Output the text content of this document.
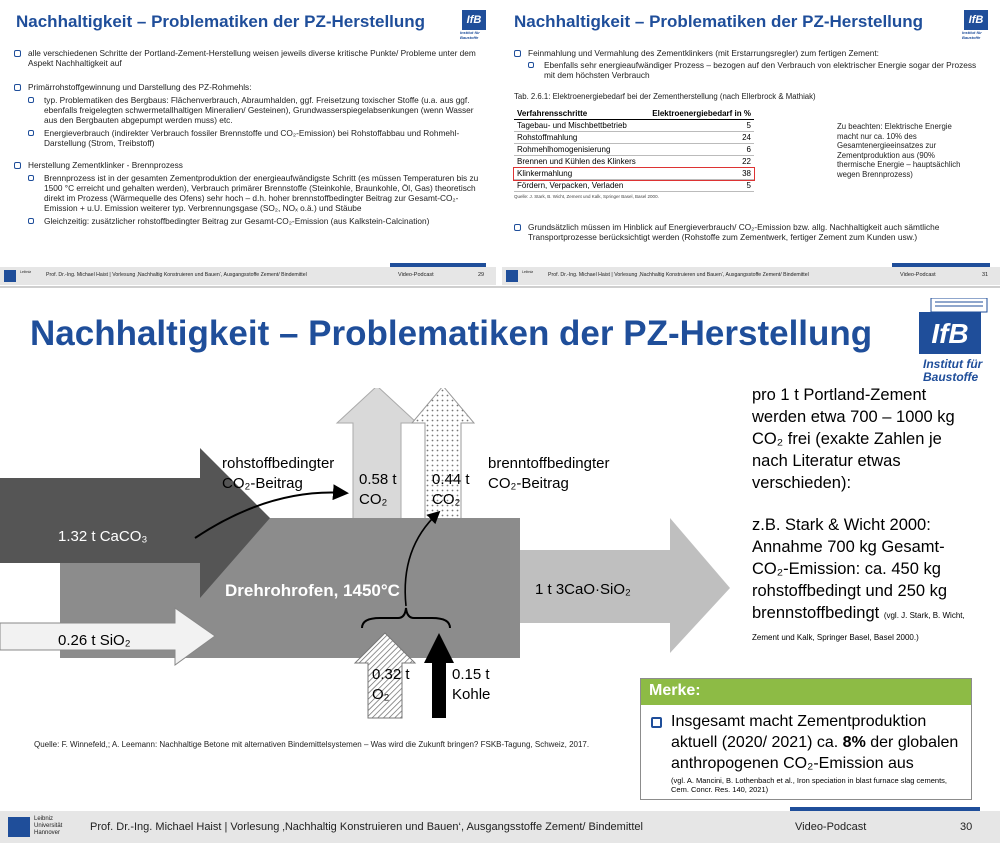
Nachhaltigkeit – Problematiken der PZ-Herstellung	IfB
Institut für
Baustoffe
alle verschiedenen Schritte der Portland-Zement-Herstellung weisen jeweils diverse kritische Punkte/ Probleme unter dem Aspekt Nachhaltigkeit auf
Primärrohstoffgewinnung und Darstellung des PZ-Rohmehls:
typ. Problematiken des Bergbaus: Flächenverbrauch, Abraumhalden, ggf. Freisetzung toxischer Stoffe (u.a. aus ggf. ebenfalls freigelegten schwermetallhaltigen Mineralien/ Gesteinen), Grundwasserspiegelabsenkungen (wenn Wasser aus den Bergbauten abgepumpt werden muss) etc.
Energieverbrauch (indirekter Verbrauch fossiler Brennstoffe und CO₂-Emission) bei Rohstoffabbau und Rohmehl-Darstellung (Strom, Treibstoff)
Herstellung Zementklinker - Brennprozess
Brennprozess ist in der gesamten Zementproduktion der energieaufwändigste Schritt (es müssen Temperaturen bis zu 1500 °C erreicht und gehalten werden), Verbrauch primärer Brennstoffe (Steinkohle, Braunkohle, Öl, Gas) theoretisch direkt im Prozess (Wärmequelle des Ofens) sehr hoch – d.h. hoher brennstoffbedingter Beitrag zur Gesamt-CO₂-Emission + u.U. Emission weiterer typ. Verbrennungsgase (SO₂, NOₓ o.ä.) und Stäube
Gleichzeitig: zusätzlicher rohstoffbedingter Beitrag zur Gesamt-CO₂-Emission (aus Kalkstein-Calcination)
Leibniz	Prof. Dr.-Ing. Michael Haist | Vorlesung ‚Nachhaltig Konstruieren und Bauen‘, Ausgangsstoffe Zement/ Bindemittel	Video-Podcast	29
Nachhaltigkeit – Problematiken der PZ-Herstellung	IfB
Institut für
Baustoffe
Feinmahlung und Vermahlung des Zementklinkers (mit Erstarrungsregler) zum fertigen Zement:
Ebenfalls sehr energieaufwändiger Prozess – bezogen auf den Verbrauch von elektrischer Energie sogar der Prozess mit dem höchsten Verbrauch
Tab. 2.6.1: Elektroenergiebedarf bei der Zementherstellung (nach Ellerbrock & Mathiak)
Verfahrensschritte	Elektroenergiebedarf in %
Tagebau- und Mischbettbetrieb	5
Rohstoffmahlung	24
Rohmehlhomogenisierung	6
Brennen und Kühlen des Klinkers	22
Klinkermahlung	38
Fördern, Verpacken, Verladen	5
Quelle: J. Stark, B. Wicht, Zement und Kalk, Springer Basel, Basel 2000.
Zu beachten: Elektrische Energie macht nur ca. 10% des Gesamtenergieeinsatzes zur Zementproduktion aus (90% thermische Energie – hauptsächlich wegen Brennprozess)
Grundsätzlich müssen im Hinblick auf Energieverbrauch/ CO₂-Emission bzw. allg. Nachhaltigkeit auch sämtliche Transportprozesse berücksichtigt werden (Rohstoffe zum Zementwerk, fertiger Zement zum Kunden usw.)
Leibniz	Prof. Dr.-Ing. Michael Haist | Vorlesung ‚Nachhaltig Konstruieren und Bauen‘, Ausgangsstoffe Zement/ Bindemittel	Video-Podcast	31
Nachhaltigkeit – Problematiken der PZ-Herstellung	IfB
Institut für
Baustoffe
1.32 t CaCO₃
0.26 t SiO₂
Drehrohrofen, 1450°C	1 t 3CaO·SiO₂
rohstoffbedingter
CO₂-Beitrag
brenntoffbedingter
CO₂-Beitrag
0.58 t
CO₂
0.44 t
CO₂
0.32 t
O₂
0.15 t
Kohle
Quelle: F. Winnefeld,; A. Leemann: Nachhaltige Betone mit alternativen Bindemittelsystemen – Was wird die Zukunft bringen? FSKB-Tagung, Schweiz, 2017.
pro 1 t Portland-Zement werden etwa 700 – 1000 kg CO₂ frei (exakte Zahlen je nach Literatur etwas verschieden):
z.B. Stark & Wicht 2000: Annahme 700 kg Gesamt-CO₂-Emission: ca. 450 kg rohstoffbedingt und 250 kg brennstoffbedingt (vgl. J. Stark, B. Wicht, Zement und Kalk, Springer Basel, Basel 2000.)
Merke:
Insgesamt macht Zementproduktion aktuell (2020/ 2021) ca. 8% der globalen anthropogenen CO₂-Emission aus
(vgl. A. Mancini, B. Lothenbach et al., Iron speciation in blast furnace slag cements, Cem. Concr. Res. 140, 2021)
Leibniz
Universität
Hannover	Prof. Dr.-Ing. Michael Haist | Vorlesung ‚Nachhaltig Konstruieren und Bauen‘, Ausgangsstoffe Zement/ Bindemittel	Video-Podcast	30
